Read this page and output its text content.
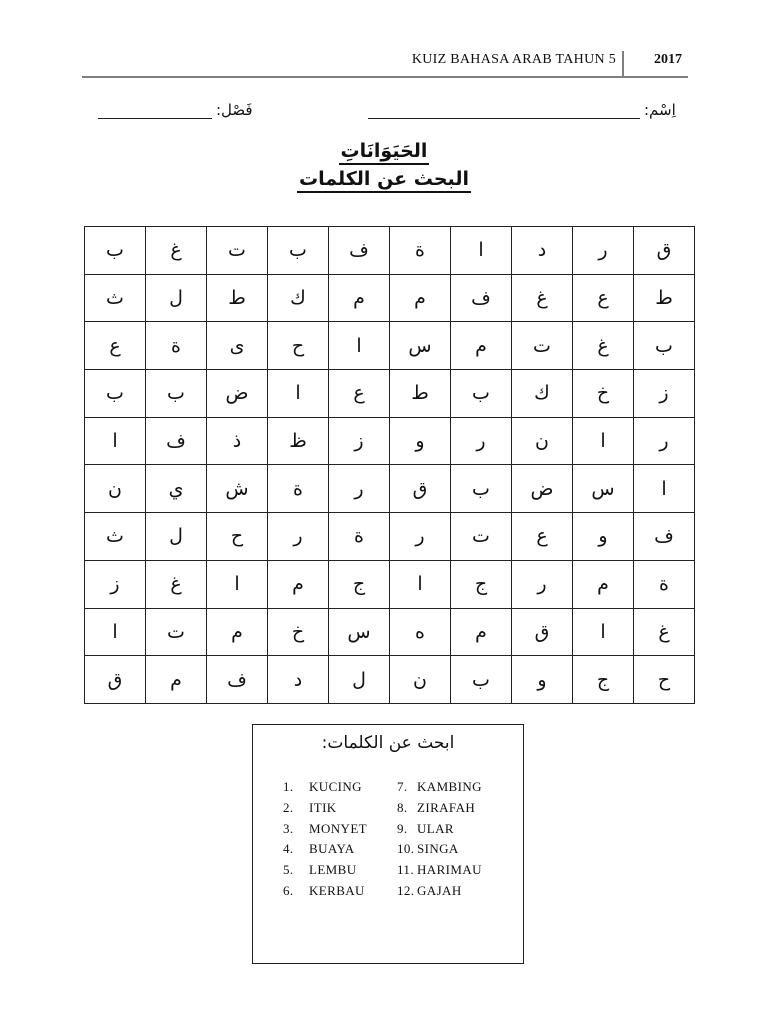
KUIZ BAHASA ARAB TAHUN 5	2017
اِسْم:
فَصْل:
الحَيَوَانَاتِ
البحث عن الكلمات
ق	ر	د	ا	ة	ف	ب	ت	غ	ب
ط	ع	غ	ف	م	م	ك	ط	ل	ث
ب	غ	ت	م	س	ا	ح	ى	ة	ع
ز	خ	ك	ب	ط	ع	ا	ض	ب	ب
ر	ا	ن	ر	و	ز	ظ	ذ	ف	ا
ا	س	ض	ب	ق	ر	ة	ش	ي	ن
ف	و	ع	ت	ر	ة	ر	ح	ل	ث
ة	م	ر	ج	ا	ج	م	ا	غ	ز
غ	ا	ق	م	ه	س	خ	م	ت	ا
ح	ج	و	ب	ن	ل	د	ف	م	ق
ابحث عن الكلمات:
1. KUCING
2. ITIK
3. MONYET
4. BUAYA
5. LEMBU
6. KERBAU
7. KAMBING
8. ZIRAFAH
9. ULAR
10. SINGA
11. HARIMAU
12. GAJAH
